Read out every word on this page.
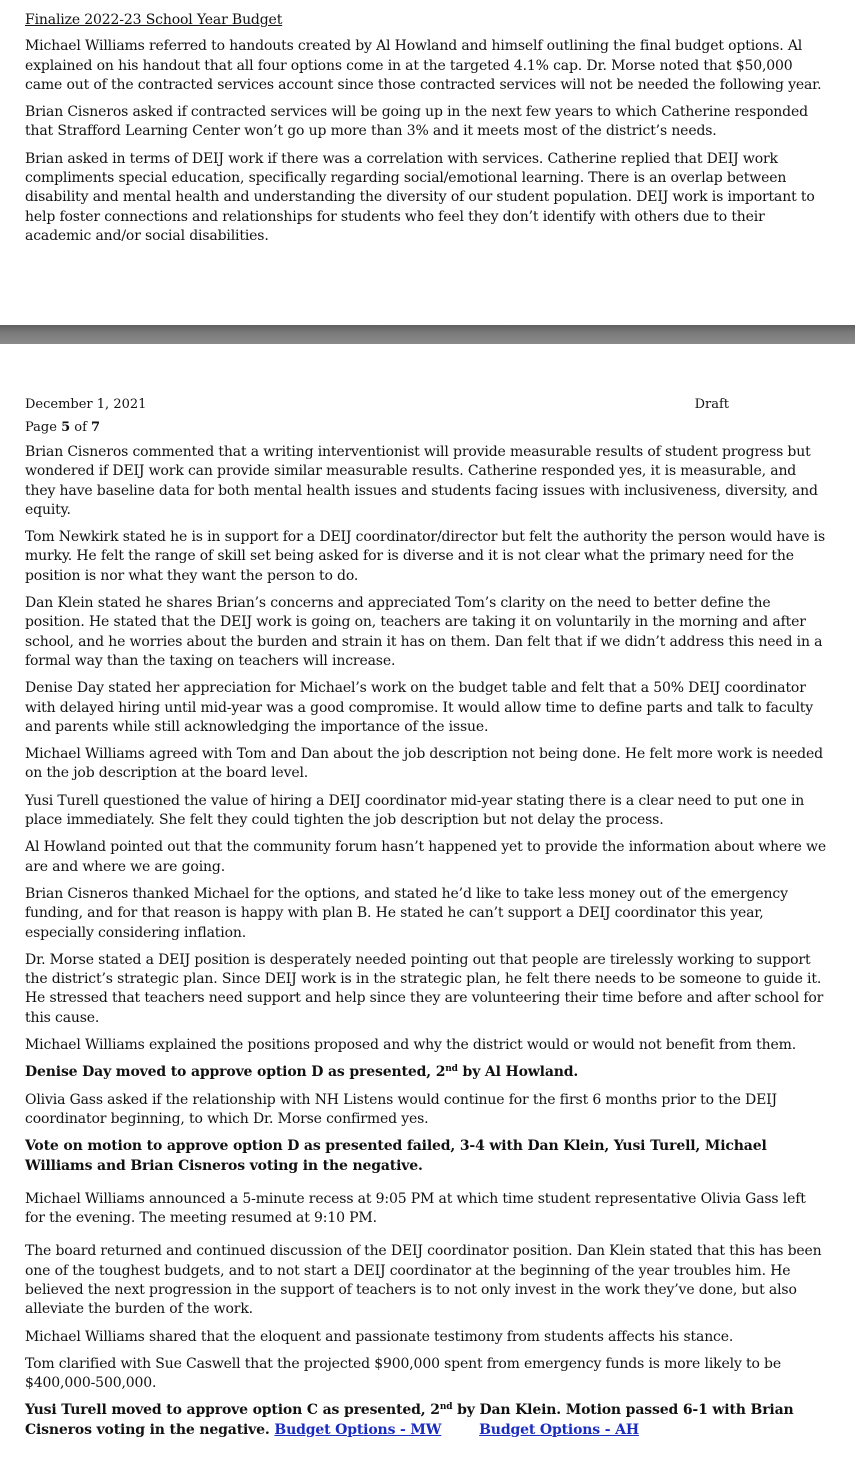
Finalize 2022-23 School Year Budget

Michael Williams referred to handouts created by Al Howland and himself outlining the final budget options. Al explained on his handout that all four options come in at the targeted 4.1% cap. Dr. Morse noted that $50,000 came out of the contracted services account since those contracted services will not be needed the following year.

Brian Cisneros asked if contracted services will be going up in the next few years to which Catherine responded that Strafford Learning Center won’t go up more than 3% and it meets most of the district’s needs.

Brian asked in terms of DEIJ work if there was a correlation with services. Catherine replied that DEIJ work compliments special education, specifically regarding social/emotional learning. There is an overlap between disability and mental health and understanding the diversity of our student population. DEIJ work is important to help foster connections and relationships for students who feel they don’t identify with others due to their academic and/or social disabilities.

December 1, 2021	Draft
Page 5 of 7

Brian Cisneros commented that a writing interventionist will provide measurable results of student progress but wondered if DEIJ work can provide similar measurable results. Catherine responded yes, it is measurable, and they have baseline data for both mental health issues and students facing issues with inclusiveness, diversity, and equity.

Tom Newkirk stated he is in support for a DEIJ coordinator/director but felt the authority the person would have is murky. He felt the range of skill set being asked for is diverse and it is not clear what the primary need for the position is nor what they want the person to do.

Dan Klein stated he shares Brian’s concerns and appreciated Tom’s clarity on the need to better define the position. He stated that the DEIJ work is going on, teachers are taking it on voluntarily in the morning and after school, and he worries about the burden and strain it has on them. Dan felt that if we didn’t address this need in a formal way than the taxing on teachers will increase.

Denise Day stated her appreciation for Michael’s work on the budget table and felt that a 50% DEIJ coordinator with delayed hiring until mid-year was a good compromise. It would allow time to define parts and talk to faculty and parents while still acknowledging the importance of the issue.

Michael Williams agreed with Tom and Dan about the job description not being done. He felt more work is needed on the job description at the board level.

Yusi Turell questioned the value of hiring a DEIJ coordinator mid-year stating there is a clear need to put one in place immediately. She felt they could tighten the job description but not delay the process.

Al Howland pointed out that the community forum hasn’t happened yet to provide the information about where we are and where we are going.

Brian Cisneros thanked Michael for the options, and stated he’d like to take less money out of the emergency funding, and for that reason is happy with plan B. He stated he can’t support a DEIJ coordinator this year, especially considering inflation.

Dr. Morse stated a DEIJ position is desperately needed pointing out that people are tirelessly working to support the district’s strategic plan. Since DEIJ work is in the strategic plan, he felt there needs to be someone to guide it. He stressed that teachers need support and help since they are volunteering their time before and after school for this cause.

Michael Williams explained the positions proposed and why the district would or would not benefit from them.

Denise Day moved to approve option D as presented, 2nd by Al Howland.

Olivia Gass asked if the relationship with NH Listens would continue for the first 6 months prior to the DEIJ coordinator beginning, to which Dr. Morse confirmed yes.

Vote on motion to approve option D as presented failed, 3-4 with Dan Klein, Yusi Turell, Michael Williams and Brian Cisneros voting in the negative.

Michael Williams announced a 5-minute recess at 9:05 PM at which time student representative Olivia Gass left for the evening. The meeting resumed at 9:10 PM.

The board returned and continued discussion of the DEIJ coordinator position. Dan Klein stated that this has been one of the toughest budgets, and to not start a DEIJ coordinator at the beginning of the year troubles him. He believed the next progression in the support of teachers is to not only invest in the work they’ve done, but also alleviate the burden of the work.

Michael Williams shared that the eloquent and passionate testimony from students affects his stance.

Tom clarified with Sue Caswell that the projected $900,000 spent from emergency funds is more likely to be $400,000-500,000.

Yusi Turell moved to approve option C as presented, 2nd by Dan Klein. Motion passed 6-1 with Brian Cisneros voting in the negative. Budget Options - MW	Budget Options - AH
